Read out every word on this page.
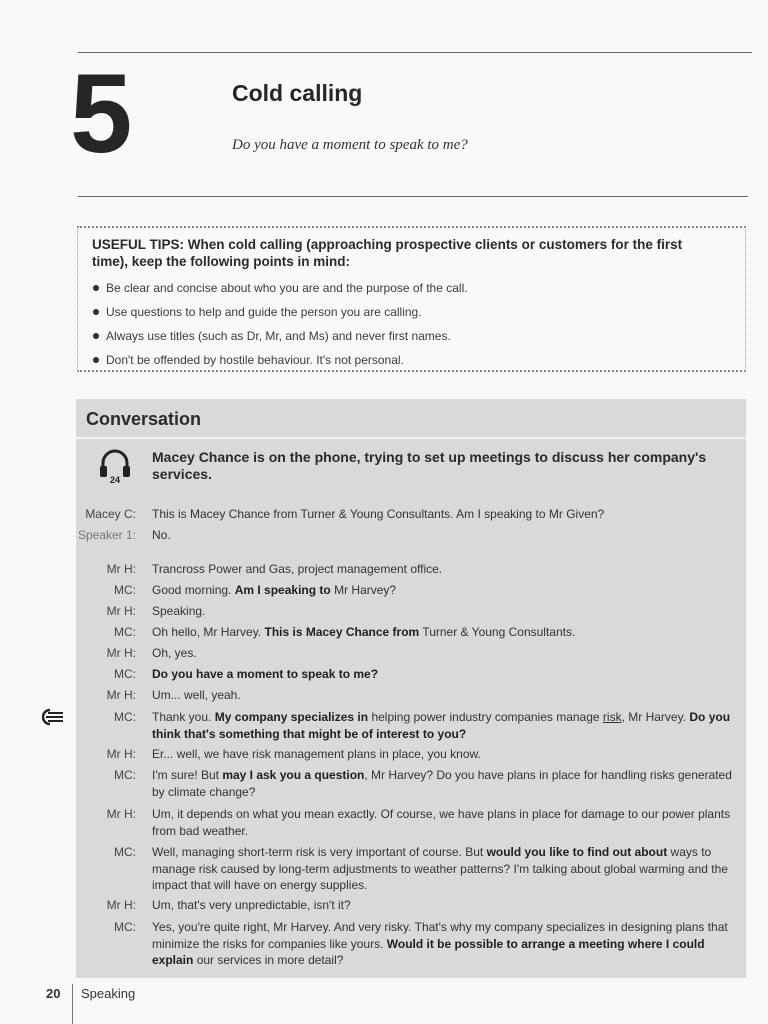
5	Cold calling
Do you have a moment to speak to me?
USEFUL TIPS: When cold calling (approaching prospective clients or customers for the first time), keep the following points in mind:
Be clear and concise about who you are and the purpose of the call.
Use questions to help and guide the person you are calling.
Always use titles (such as Dr, Mr, and Ms) and never first names.
Don't be offended by hostile behaviour. It's not personal.
Conversation
24
Macey Chance is on the phone, trying to set up meetings to discuss her company's services.
Macey C: This is Macey Chance from Turner & Young Consultants. Am I speaking to Mr Given?
Speaker 1: No.
Mr H: Trancross Power and Gas, project management office.
MC: Good morning. Am I speaking to Mr Harvey?
Mr H: Speaking.
MC: Oh hello, Mr Harvey. This is Macey Chance from Turner & Young Consultants.
Mr H: Oh, yes.
MC: Do you have a moment to speak to me?
Mr H: Um... well, yeah.
MC: Thank you. My company specializes in helping power industry companies manage risk, Mr Harvey. Do you think that's something that might be of interest to you?
Mr H: Er... well, we have risk management plans in place, you know.
MC: I'm sure! But may I ask you a question, Mr Harvey? Do you have plans in place for handling risks generated by climate change?
Mr H: Um, it depends on what you mean exactly. Of course, we have plans in place for damage to our power plants from bad weather.
MC: Well, managing short-term risk is very important of course. But would you like to find out about ways to manage risk caused by long-term adjustments to weather patterns? I'm talking about global warming and the impact that will have on energy supplies.
Mr H: Um, that's very unpredictable, isn't it?
MC: Yes, you're quite right, Mr Harvey. And very risky. That's why my company specializes in designing plans that minimize the risks for companies like yours. Would it be possible to arrange a meeting where I could explain our services in more detail?
20 Speaking
